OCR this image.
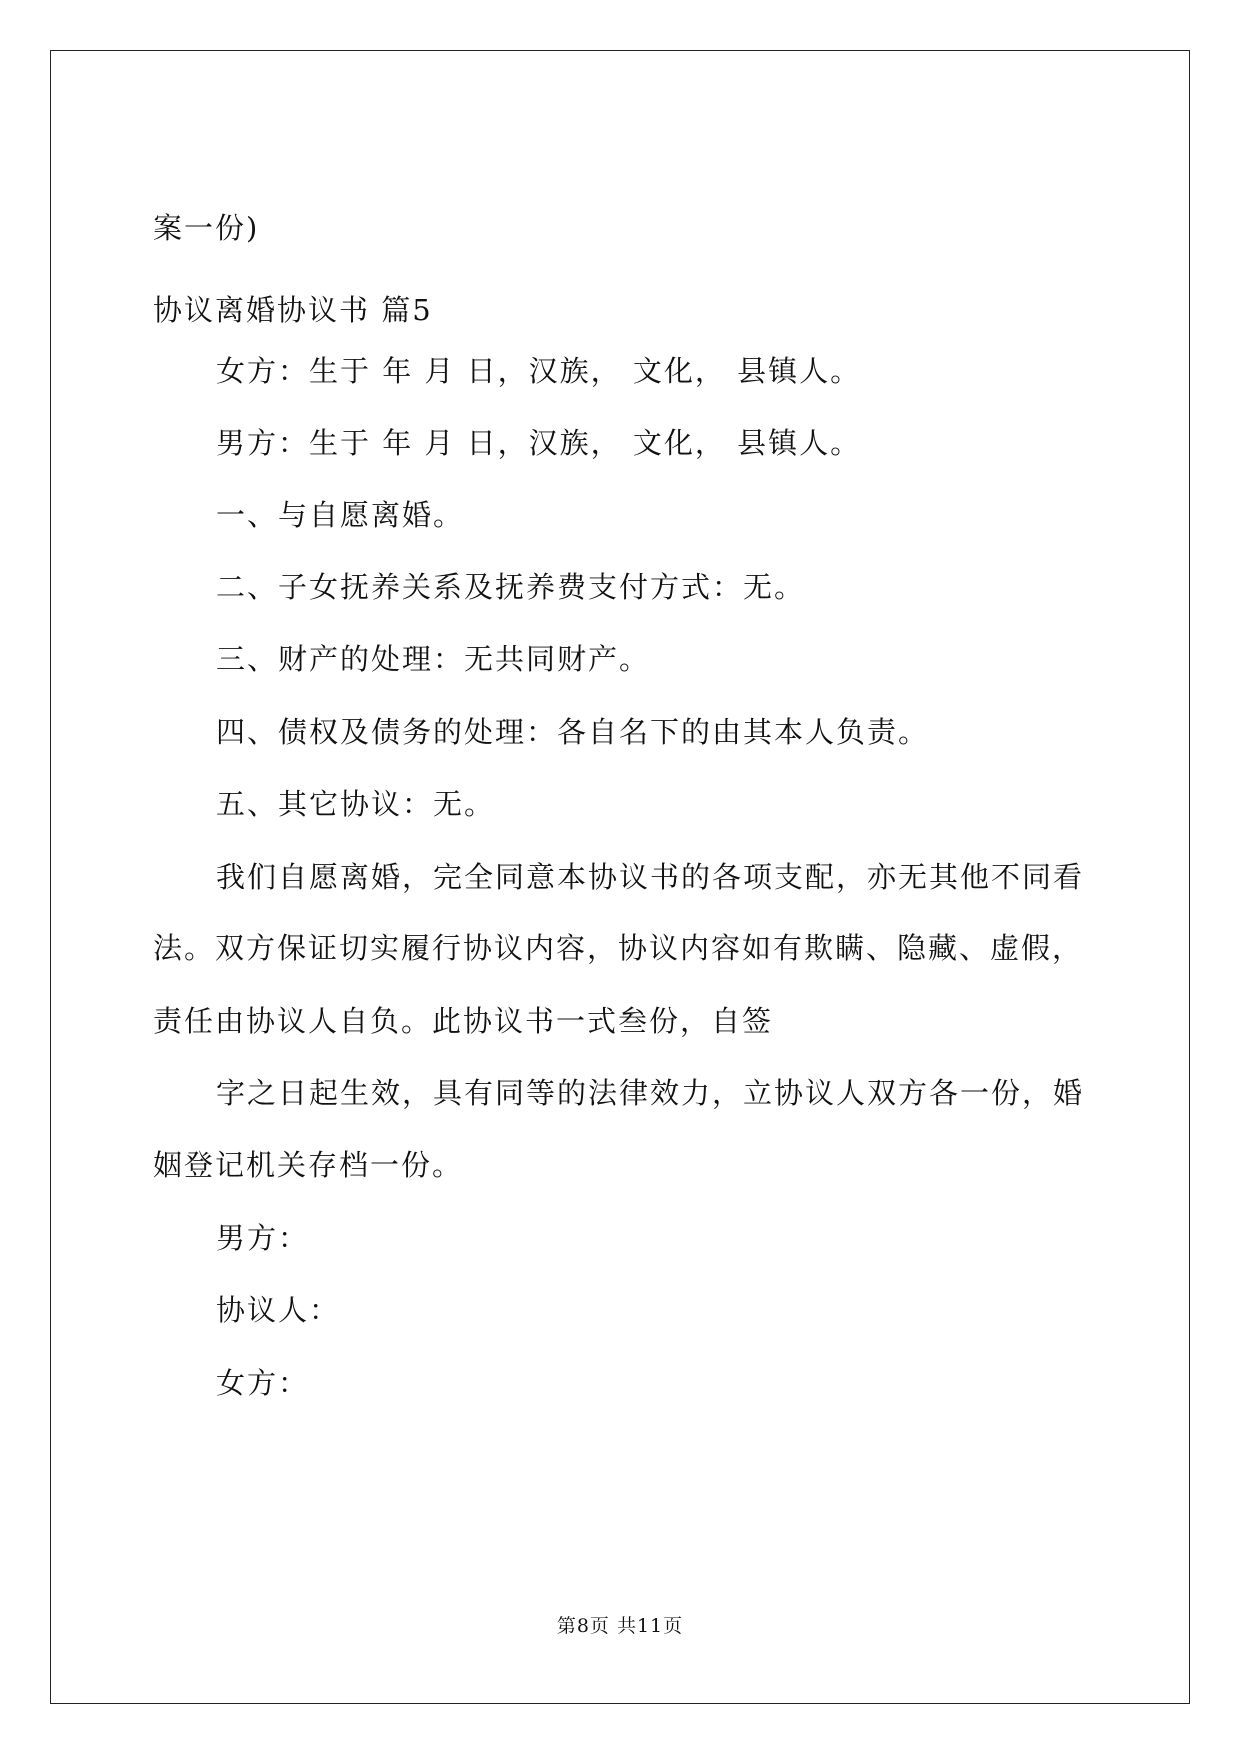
案一份)
协议离婚协议书 篇5
女方：生于 年 月 日，汉族， 文化， 县镇人。
男方：生于 年 月 日，汉族， 文化， 县镇人。
一、与自愿离婚。
二、子女抚养关系及抚养费支付方式：无。
三、财产的处理：无共同财产。
四、债权及债务的处理：各自名下的由其本人负责。
五、其它协议：无。
我们自愿离婚，完全同意本协议书的各项支配，亦无其他不同看
法。双方保证切实履行协议内容，协议内容如有欺瞒、隐藏、虚假，
责任由协议人自负。此协议书一式叁份，自签
字之日起生效，具有同等的法律效力，立协议人双方各一份，婚
姻登记机关存档一份。
男方：
协议人：
女方：
第8页 共11页
